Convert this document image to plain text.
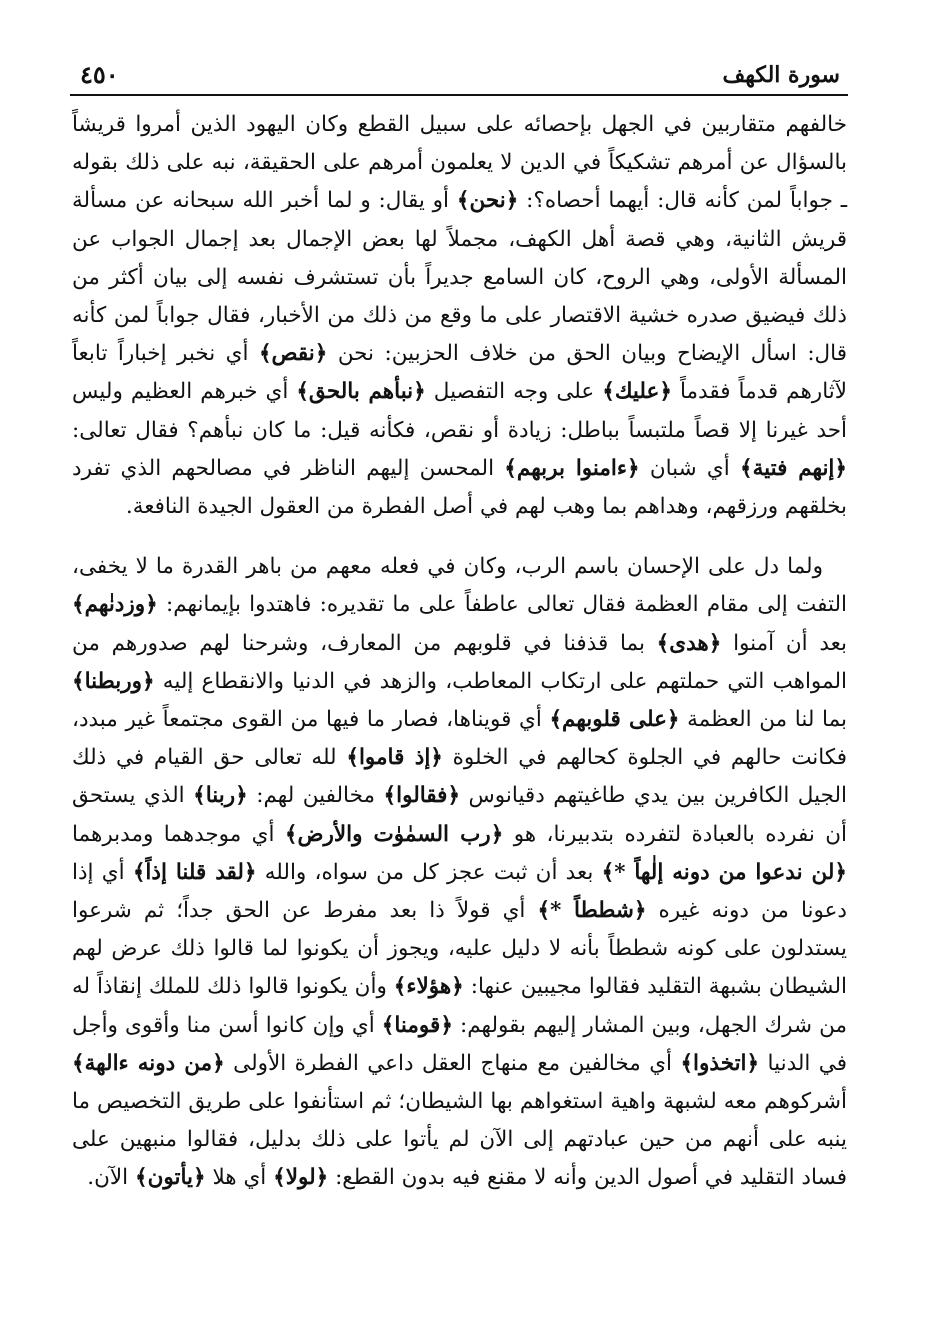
٤٥٠	سورة الكهف
خالفهم متقاربين في الجهل بإحصائه على سبيل القطع وكان اليهود الذين أمروا قريشاً بالسؤال عن أمرهم تشكيكاً في الدين لا يعلمون أمرهم على الحقيقة، نبه على ذلك بقوله ـ جواباً لمن كأنه قال: أيهما أحصاه؟: ﴿نحن﴾ أو يقال: و لما أخبر الله سبحانه عن مسألة قريش الثانية، وهي قصة أهل الكهف، مجملاً لها بعض الإجمال بعد إجمال الجواب عن المسألة الأولى، وهي الروح، كان السامع جديراً بأن تستشرف نفسه إلى بيان أكثر من ذلك فيضيق صدره خشية الاقتصار على ما وقع من ذلك من الأخبار، فقال جواباً لمن كأنه قال: اسأل الإيضاح وبيان الحق من خلاف الحزبين: نحن ﴿نقص﴾ أي نخبر إخباراً تابعاً لآثارهم قدماً فقدماً ﴿عليك﴾ على وجه التفصيل ﴿نبأهم بالحق﴾ أي خبرهم العظيم وليس أحد غيرنا إلا قصاً ملتبساً بباطل: زيادة أو نقص، فكأنه قيل: ما كان نبأهم؟ فقال تعالى: ﴿إنهم فتية﴾ أي شبان ﴿ءامنوا بربهم﴾ المحسن إليهم الناظر في مصالحهم الذي تفرد بخلقهم ورزقهم، وهداهم بما وهب لهم في أصل الفطرة من العقول الجيدة النافعة.
ولما دل على الإحسان باسم الرب، وكان في فعله معهم من باهر القدرة ما لا يخفى، التفت إلى مقام العظمة فقال تعالى عاطفاً على ما تقديره: فاهتدوا بإيمانهم: ﴿وزدنٰهم﴾ بعد أن آمنوا ﴿هدى﴾ بما قذفنا في قلوبهم من المعارف، وشرحنا لهم صدورهم من المواهب التي حملتهم على ارتكاب المعاطب، والزهد في الدنيا والانقطاع إليه ﴿وربطنا﴾ بما لنا من العظمة ﴿على قلوبهم﴾ أي قويناها، فصار ما فيها من القوى مجتمعاً غير مبدد، فكانت حالهم في الجلوة كحالهم في الخلوة ﴿إذ قاموا﴾ لله تعالى حق القيام في ذلك الجيل الكافرين بين يدي طاغيتهم دقيانوس ﴿فقالوا﴾ مخالفين لهم: ﴿ربنا﴾ الذي يستحق أن نفرده بالعبادة لتفرده بتدبيرنا، هو ﴿رب السمٰوٰت والأرض﴾ أي موجدهما ومدبرهما ﴿لن ندعوا من دونه إلٰهاً *﴾ بعد أن ثبت عجز كل من سواه، والله ﴿لقد قلنا إذاً﴾ أي إذا دعونا من دونه غيره ﴿شططاً *﴾ أي قولاً ذا بعد مفرط عن الحق جداً؛ ثم شرعوا يستدلون على كونه شططاً بأنه لا دليل عليه، ويجوز أن يكونوا لما قالوا ذلك عرض لهم الشيطان بشبهة التقليد فقالوا مجيبين عنها: ﴿هؤلاء﴾ وأن يكونوا قالوا ذلك للملك إنقاذاً له من شرك الجهل، وبين المشار إليهم بقولهم: ﴿قومنا﴾ أي وإن كانوا أسن منا وأقوى وأجل في الدنيا ﴿اتخذوا﴾ أي مخالفين مع منهاج العقل داعي الفطرة الأولى ﴿من دونه ءالهة﴾ أشركوهم معه لشبهة واهية استغواهم بها الشيطان؛ ثم استأنفوا على طريق التخصيص ما ينبه على أنهم من حين عبادتهم إلى الآن لم يأتوا على ذلك بدليل، فقالوا منبهين على فساد التقليد في أصول الدين وأنه لا مقنع فيه بدون القطع: ﴿لولا﴾ أي هلا ﴿يأتون﴾ الآن.
